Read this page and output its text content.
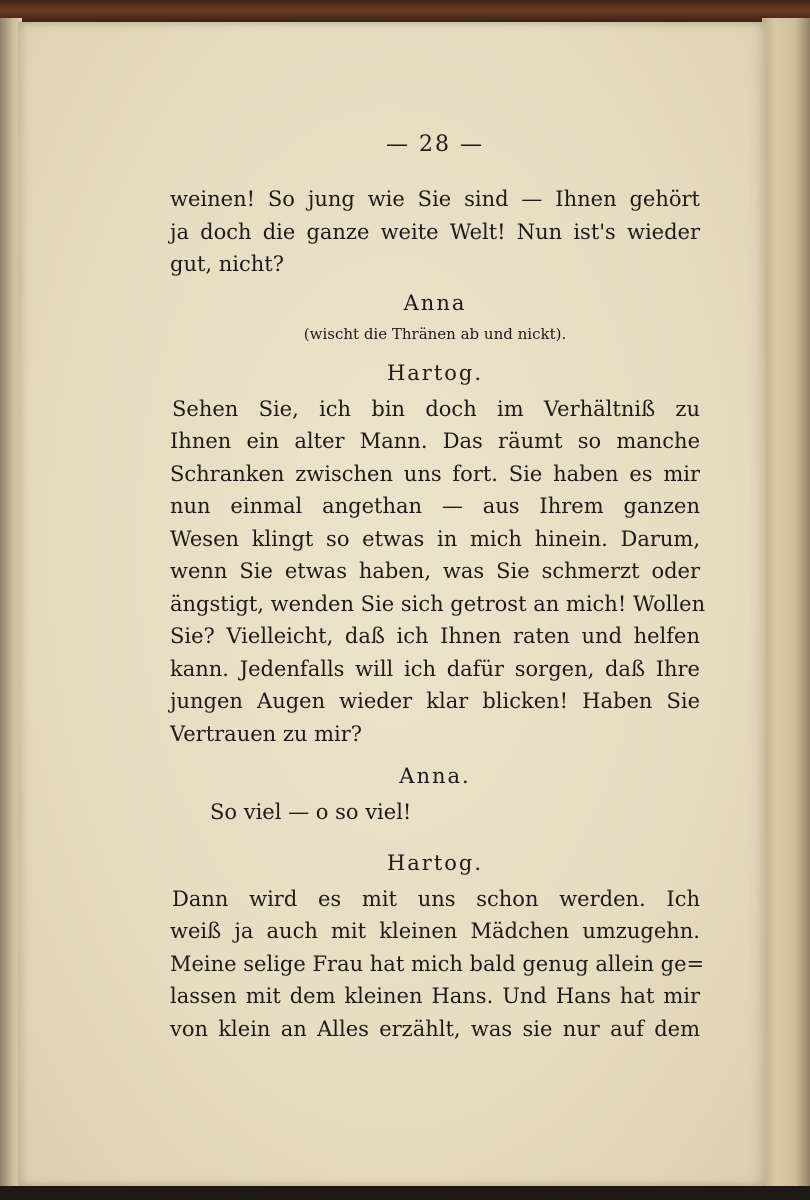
— 28 —
weinen! So jung wie Sie sind — Ihnen gehört
ja doch die ganze weite Welt! Nun ist's wieder
gut, nicht?
Anna
(wischt die Thränen ab und nickt).
Hartog.
Sehen Sie, ich bin doch im Verhältniß zu
Ihnen ein alter Mann. Das räumt so manche
Schranken zwischen uns fort. Sie haben es mir
nun einmal angethan — aus Ihrem ganzen
Wesen klingt so etwas in mich hinein. Darum,
wenn Sie etwas haben, was Sie schmerzt oder
ängstigt, wenden Sie sich getrost an mich! Wollen
Sie? Vielleicht, daß ich Ihnen raten und helfen
kann. Jedenfalls will ich dafür sorgen, daß Ihre
jungen Augen wieder klar blicken! Haben Sie
Vertrauen zu mir?
Anna.
So viel — o so viel!
Hartog.
Dann wird es mit uns schon werden. Ich
weiß ja auch mit kleinen Mädchen umzugehn.
Meine selige Frau hat mich bald genug allein ge=
lassen mit dem kleinen Hans. Und Hans hat mir
von klein an Alles erzählt, was sie nur auf dem
